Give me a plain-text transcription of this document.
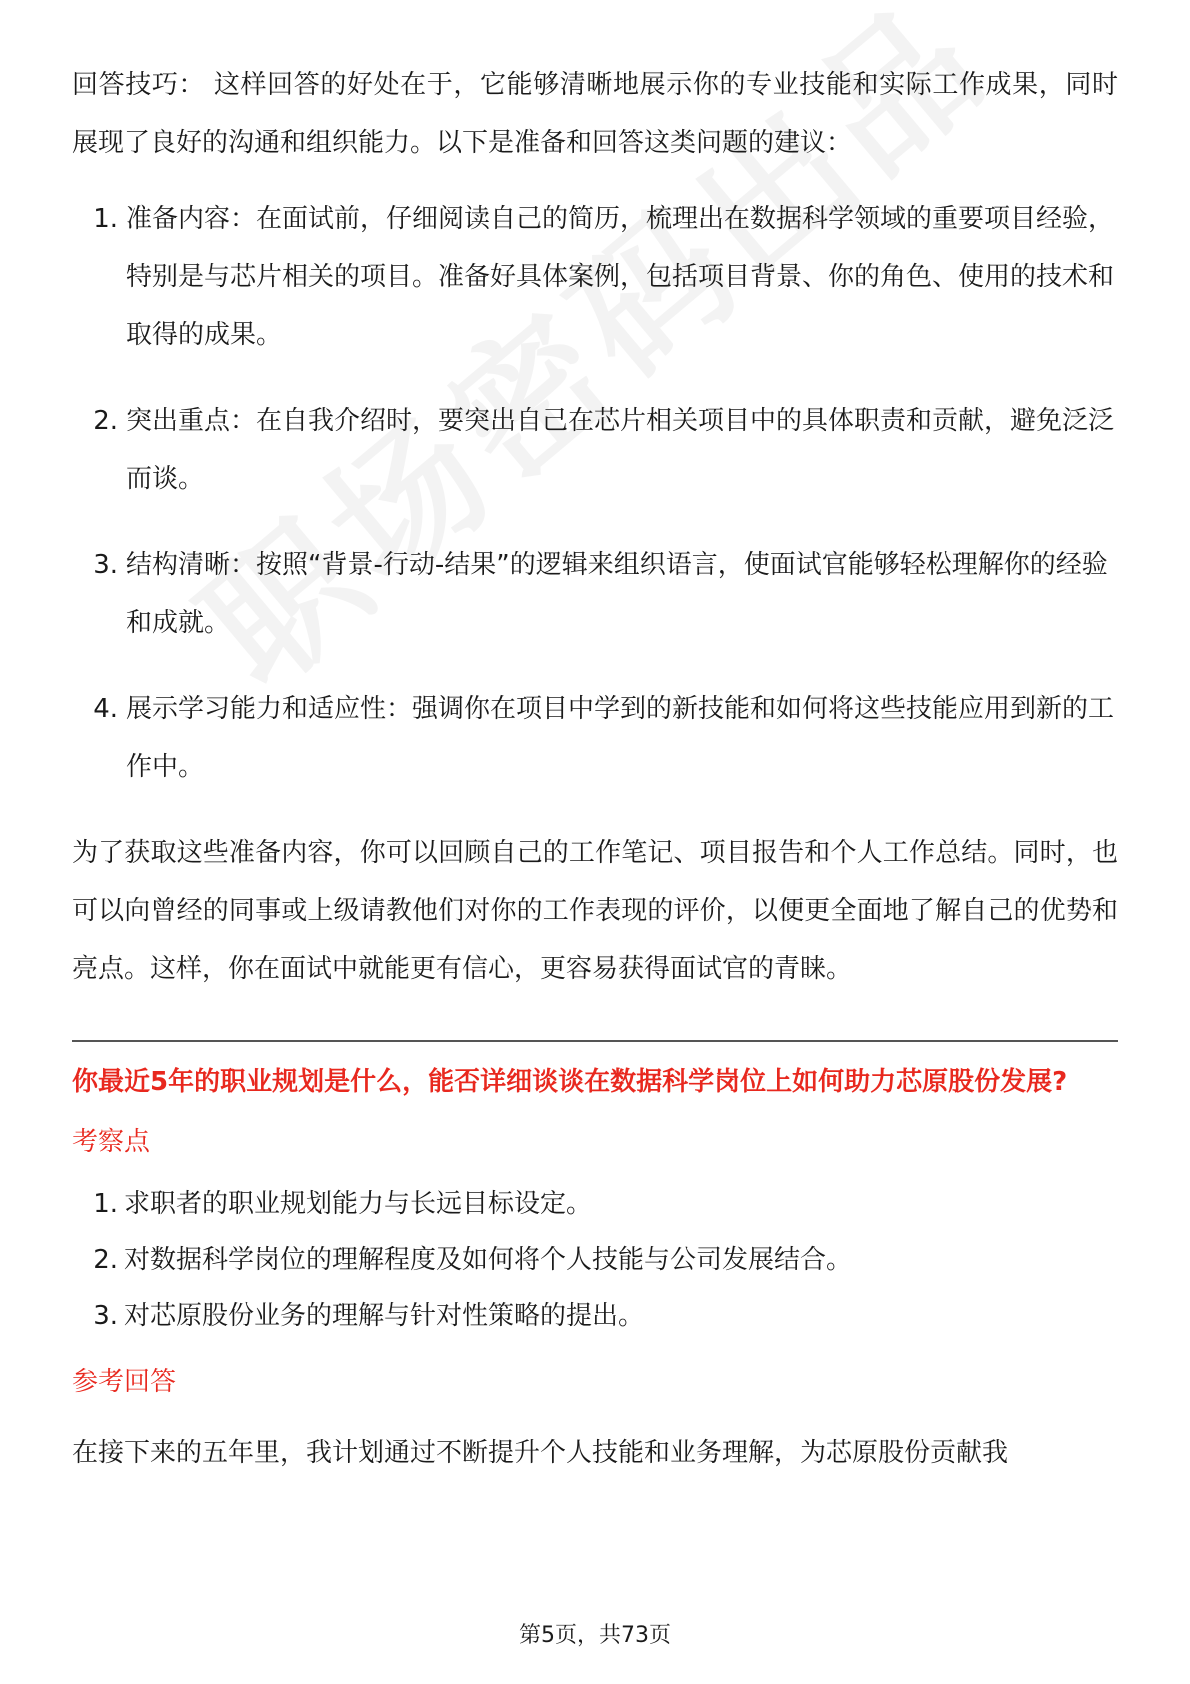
回答技巧： 这样回答的好处在于，它能够清晰地展示你的专业技能和实际工作成果，同时展现了良好的沟通和组织能力。以下是准备和回答这类问题的建议：

1. 准备内容：在面试前，仔细阅读自己的简历，梳理出在数据科学领域的重要项目经验，特别是与芯片相关的项目。准备好具体案例，包括项目背景、你的角色、使用的技术和取得的成果。
2. 突出重点：在自我介绍时，要突出自己在芯片相关项目中的具体职责和贡献，避免泛泛而谈。
3. 结构清晰：按照“背景-行动-结果”的逻辑来组织语言，使面试官能够轻松理解你的经验和成就。
4. 展示学习能力和适应性：强调你在项目中学到的新技能和如何将这些技能应用到新的工作中。

为了获取这些准备内容，你可以回顾自己的工作笔记、项目报告和个人工作总结。同时，也可以向曾经的同事或上级请教他们对你的工作表现的评价，以便更全面地了解自己的优势和亮点。这样，你在面试中就能更有信心，更容易获得面试官的青睐。

你最近5年的职业规划是什么，能否详细谈谈在数据科学岗位上如何助力芯原股份发展?
考察点
1. 求职者的职业规划能力与长远目标设定。
2. 对数据科学岗位的理解程度及如何将个人技能与公司发展结合。
3. 对芯原股份业务的理解与针对性策略的提出。
参考回答

在接下来的五年里，我计划通过不断提升个人技能和业务理解，为芯原股份贡献我

第5页，共73页
